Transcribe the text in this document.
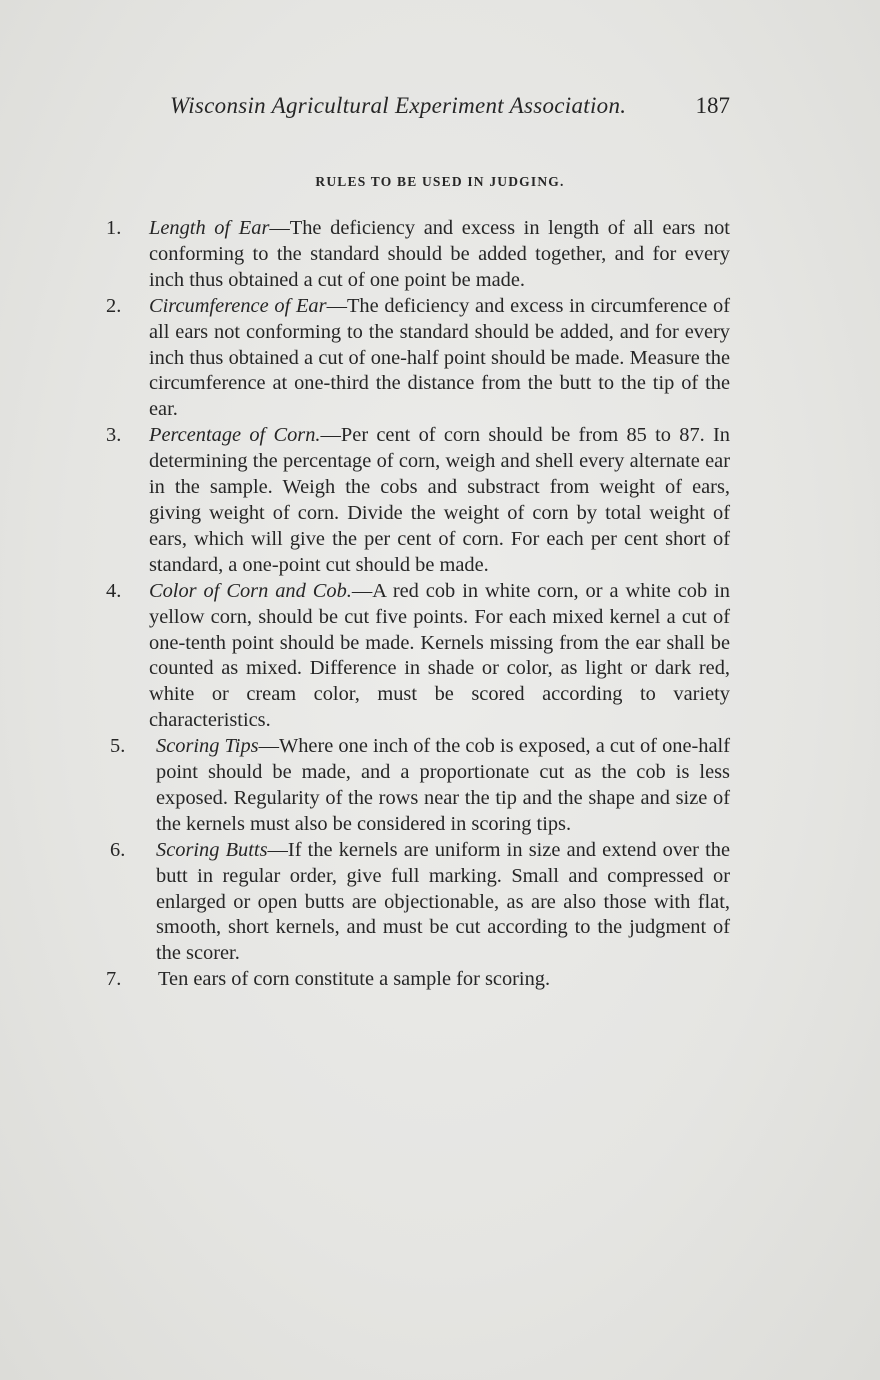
Wisconsin Agricultural Experiment Association.	187
RULES TO BE USED IN JUDGING.
1.	Length of Ear—The deficiency and excess in length of all ears not conforming to the standard should be added together, and for every inch thus obtained a cut of one point be made.
2.	Circumference of Ear—The deficiency and excess in circumference of all ears not conforming to the standard should be added, and for every inch thus obtained a cut of one-half point should be made. Measure the circumference at one-third the distance from the butt to the tip of the ear.
3.	Percentage of Corn.—Per cent of corn should be from 85 to 87. In determining the percentage of corn, weigh and shell every alternate ear in the sample. Weigh the cobs and substract from weight of ears, giving weight of corn. Divide the weight of corn by total weight of ears, which will give the per cent of corn. For each per cent short of standard, a one-point cut should be made.
4.	Color of Corn and Cob.—A red cob in white corn, or a white cob in yellow corn, should be cut five points. For each mixed kernel a cut of one-tenth point should be made. Kernels missing from the ear shall be counted as mixed. Difference in shade or color, as light or dark red, white or cream color, must be scored according to variety characteristics.
5.	Scoring Tips—Where one inch of the cob is exposed, a cut of one-half point should be made, and a proportionate cut as the cob is less exposed. Regularity of the rows near the tip and the shape and size of the kernels must also be considered in scoring tips.
6.	Scoring Butts—If the kernels are uniform in size and extend over the butt in regular order, give full marking. Small and compressed or enlarged or open butts are objectionable, as are also those with flat, smooth, short kernels, and must be cut according to the judgment of the scorer.
7.	Ten ears of corn constitute a sample for scoring.
